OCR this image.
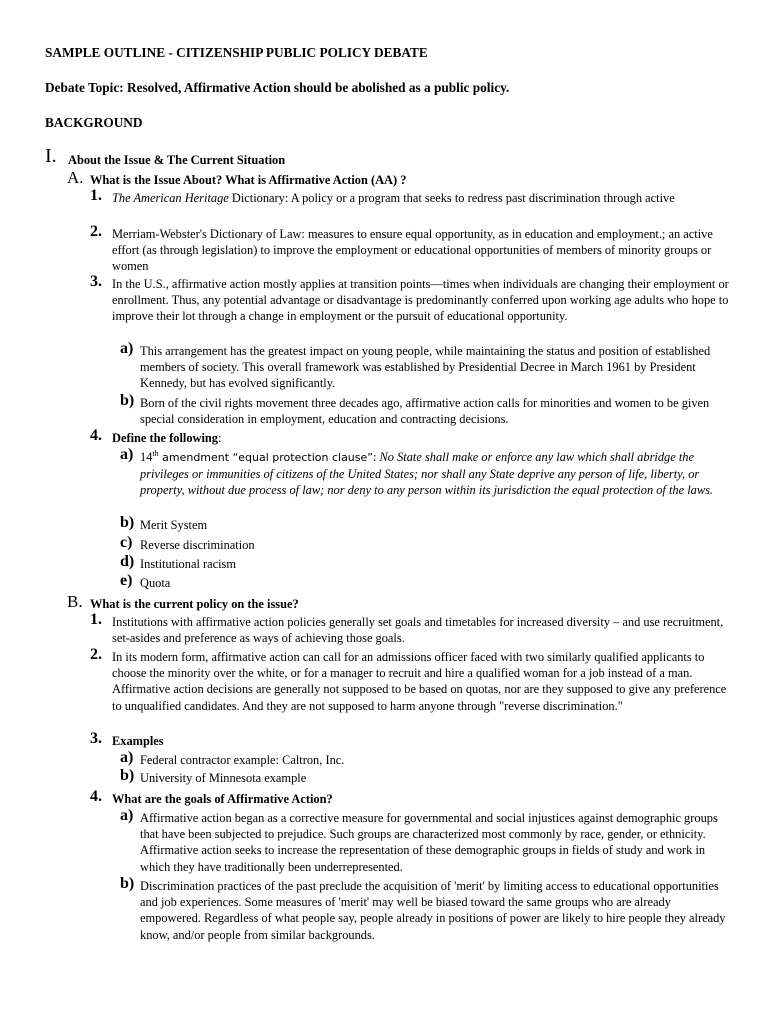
SAMPLE OUTLINE - CITIZENSHIP PUBLIC POLICY DEBATE
Debate Topic: Resolved, Affirmative Action should be abolished as a public policy.
BACKGROUND
I. About the Issue & The Current Situation
A. What is the Issue About? What is Affirmative Action (AA) ?
1. The American Heritage Dictionary: A policy or a program that seeks to redress past discrimination through active
2. Merriam-Webster's Dictionary of Law: measures to ensure equal opportunity, as in education and employment.; an active effort (as through legislation) to improve the employment or educational opportunities of members of minority groups or women
3. In the U.S., affirmative action mostly applies at transition points—times when individuals are changing their employment or enrollment. Thus, any potential advantage or disadvantage is predominantly conferred upon working age adults who hope to improve their lot through a change in employment or the pursuit of educational opportunity.
a) This arrangement has the greatest impact on young people, while maintaining the status and position of established members of society. This overall framework was established by Presidential Decree in March 1961 by President Kennedy, but has evolved significantly.
b) Born of the civil rights movement three decades ago, affirmative action calls for minorities and women to be given special consideration in employment, education and contracting decisions.
4. Define the following:
a) 14th amendment “equal protection clause”: No State shall make or enforce any law which shall abridge the privileges or immunities of citizens of the United States; nor shall any State deprive any person of life, liberty, or property, without due process of law; nor deny to any person within its jurisdiction the equal protection of the laws.
b) Merit System
c) Reverse discrimination
d) Institutional racism
e) Quota
B. What is the current policy on the issue?
1. Institutions with affirmative action policies generally set goals and timetables for increased diversity – and use recruitment, set-asides and preference as ways of achieving those goals.
2. In its modern form, affirmative action can call for an admissions officer faced with two similarly qualified applicants to choose the minority over the white, or for a manager to recruit and hire a qualified woman for a job instead of a man. Affirmative action decisions are generally not supposed to be based on quotas, nor are they supposed to give any preference to unqualified candidates. And they are not supposed to harm anyone through "reverse discrimination."
3. Examples
a) Federal contractor example: Caltron, Inc.
b) University of Minnesota example
4. What are the goals of Affirmative Action?
a) Affirmative action began as a corrective measure for governmental and social injustices against demographic groups that have been subjected to prejudice. Such groups are characterized most commonly by race, gender, or ethnicity. Affirmative action seeks to increase the representation of these demographic groups in fields of study and work in which they have traditionally been underrepresented.
b) Discrimination practices of the past preclude the acquisition of 'merit' by limiting access to educational opportunities and job experiences. Some measures of 'merit' may well be biased toward the same groups who are already empowered. Regardless of what people say, people already in positions of power are likely to hire people they already know, and/or people from similar backgrounds.
